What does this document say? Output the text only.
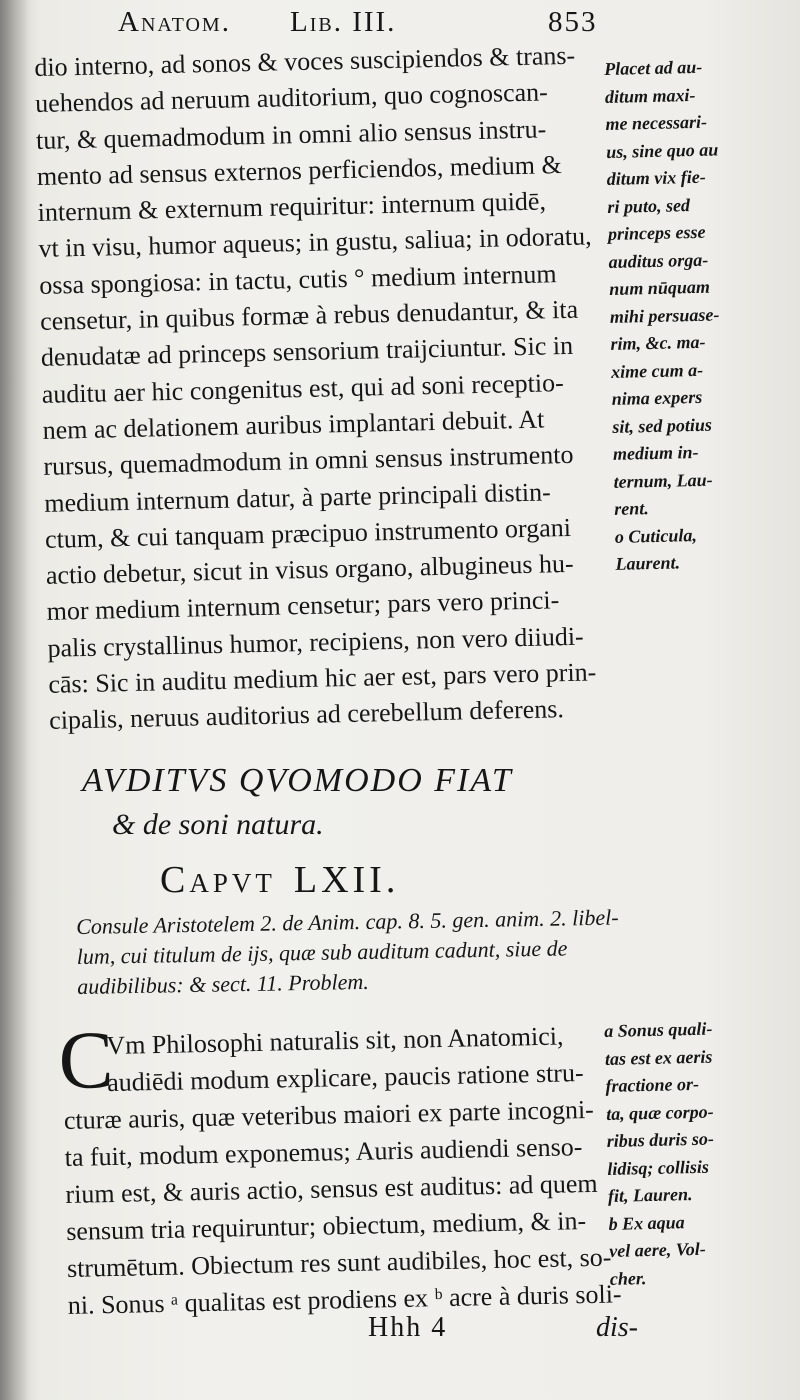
Anatom. Lib. III.	853
dio interno, ad sonos & voces suscipiendos & trans-
uehendos ad neruum auditorium, quo cognoscan-
tur, & quemadmodum in omni alio sensus instru-
mento ad sensus externos perficiendos, medium &
internum & externum requiritur: internum quidē,
vt in visu, humor aqueus; in gustu, saliua; in odoratu,
ossa spongiosa: in tactu, cutis ° medium internum
censetur, in quibus formæ à rebus denudantur, & ita
denudatæ ad princeps sensorium traijciuntur. Sic in
auditu aer hic congenitus est, qui ad soni receptio-
nem ac delationem auribus implantari debuit. At
rursus, quemadmodum in omni sensus instrumento
medium internum datur, à parte principali distin-
ctum, & cui tanquam præcipuo instrumento organi
actio debetur, sicut in visus organo, albugineus hu-
mor medium internum censetur; pars vero princi-
palis crystallinus humor, recipiens, non vero diiudi-
cās: Sic in auditu medium hic aer est, pars vero prin-
cipalis, neruus auditorius ad cerebellum deferens.
Placet ad au-
ditum maxi-
me necessari-
us, sine quo au
ditum vix fie-
ri puto, sed
princeps esse
auditus orga-
num nūquam
mihi persuase-
rim, &c. ma-
xime cum a-
nima expers
sit, sed potius
medium in-
ternum, Lau-
rent.
o Cuticula,
Laurent.
AVDITVS QVOMODO FIAT
& de soni natura.
Capvt LXII.
Consule Aristotelem 2. de Anim. cap. 8. 5. gen. anim. 2. libel-
lum, cui titulum de ijs, quæ sub auditum cadunt, siue de
audibilibus: & sect. 11. Problem.
C
Vm Philosophi naturalis sit, non Anatomici,
audiēdi modum explicare, paucis ratione stru-
cturæ auris, quæ veteribus maiori ex parte incogni-
ta fuit, modum exponemus; Auris audiendi senso-
rium est, & auris actio, sensus est auditus: ad quem
sensum tria requiruntur; obiectum, medium, & in-
strumētum. Obiectum res sunt audibiles, hoc est, so-
ni. Sonus ᵃ qualitas est prodiens ex ᵇ acre à duris soli-
a Sonus quali-
tas est ex aeris
fractione or-
ta, quæ corpo-
ribus duris so-
lidisq; collisis
fit, Lauren.
b Ex aqua
vel aere, Vol-
cher.
Hhh 4	dis-
